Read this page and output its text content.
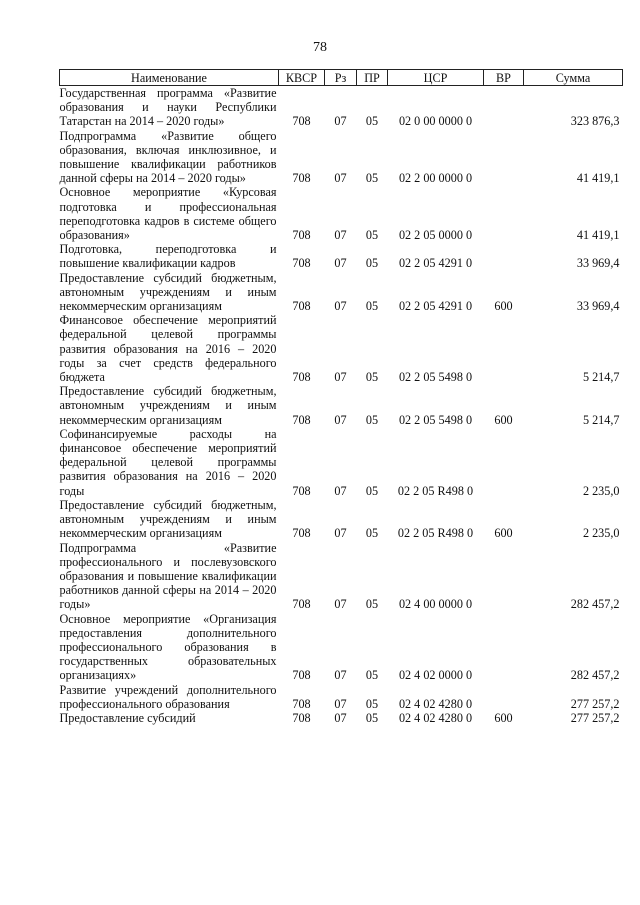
78
Наименование	КВСР	Рз	ПР	ЦСР	ВР	Сумма
Государственная программа «Развитие образования и науки Республики Татарстан на 2014 – 2020 годы»	708	07	05	02 0 00 0000 0		323 876,3
Подпрограмма «Развитие общего образования, включая инклюзивное, и повышение квалификации работников данной сферы на 2014 – 2020 годы»	708	07	05	02 2 00 0000 0		41 419,1
Основное мероприятие «Курсовая подготовка и профессиональная переподготовка кадров в системе общего образования»	708	07	05	02 2 05 0000 0		41 419,1
Подготовка, переподготовка и повышение квалификации кадров	708	07	05	02 2 05 4291 0		33 969,4
Предоставление субсидий бюджетным, автономным учреждениям и иным некоммерческим организациям	708	07	05	02 2 05 4291 0	600	33 969,4
Финансовое обеспечение мероприятий федеральной целевой программы развития образования на 2016 – 2020 годы за счет средств федерального бюджета	708	07	05	02 2 05 5498 0		5 214,7
Предоставление субсидий бюджетным, автономным учреждениям и иным некоммерческим организациям	708	07	05	02 2 05 5498 0	600	5 214,7
Софинансируемые расходы на финансовое обеспечение мероприятий федеральной целевой программы развития образования на 2016 – 2020 годы	708	07	05	02 2 05 R498 0		2 235,0
Предоставление субсидий бюджетным, автономным учреждениям и иным некоммерческим организациям	708	07	05	02 2 05 R498 0	600	2 235,0
Подпрограмма «Развитие профессионального и послевузовского образования и повышение квалификации работников данной сферы на 2014 – 2020 годы»	708	07	05	02 4 00 0000 0		282 457,2
Основное мероприятие «Организация предоставления дополнительного профессионального образования в государственных образовательных организациях»	708	07	05	02 4 02 0000 0		282 457,2
Развитие учреждений дополнительного профессионального образования	708	07	05	02 4 02 4280 0		277 257,2
Предоставление субсидий	708	07	05	02 4 02 4280 0	600	277 257,2
